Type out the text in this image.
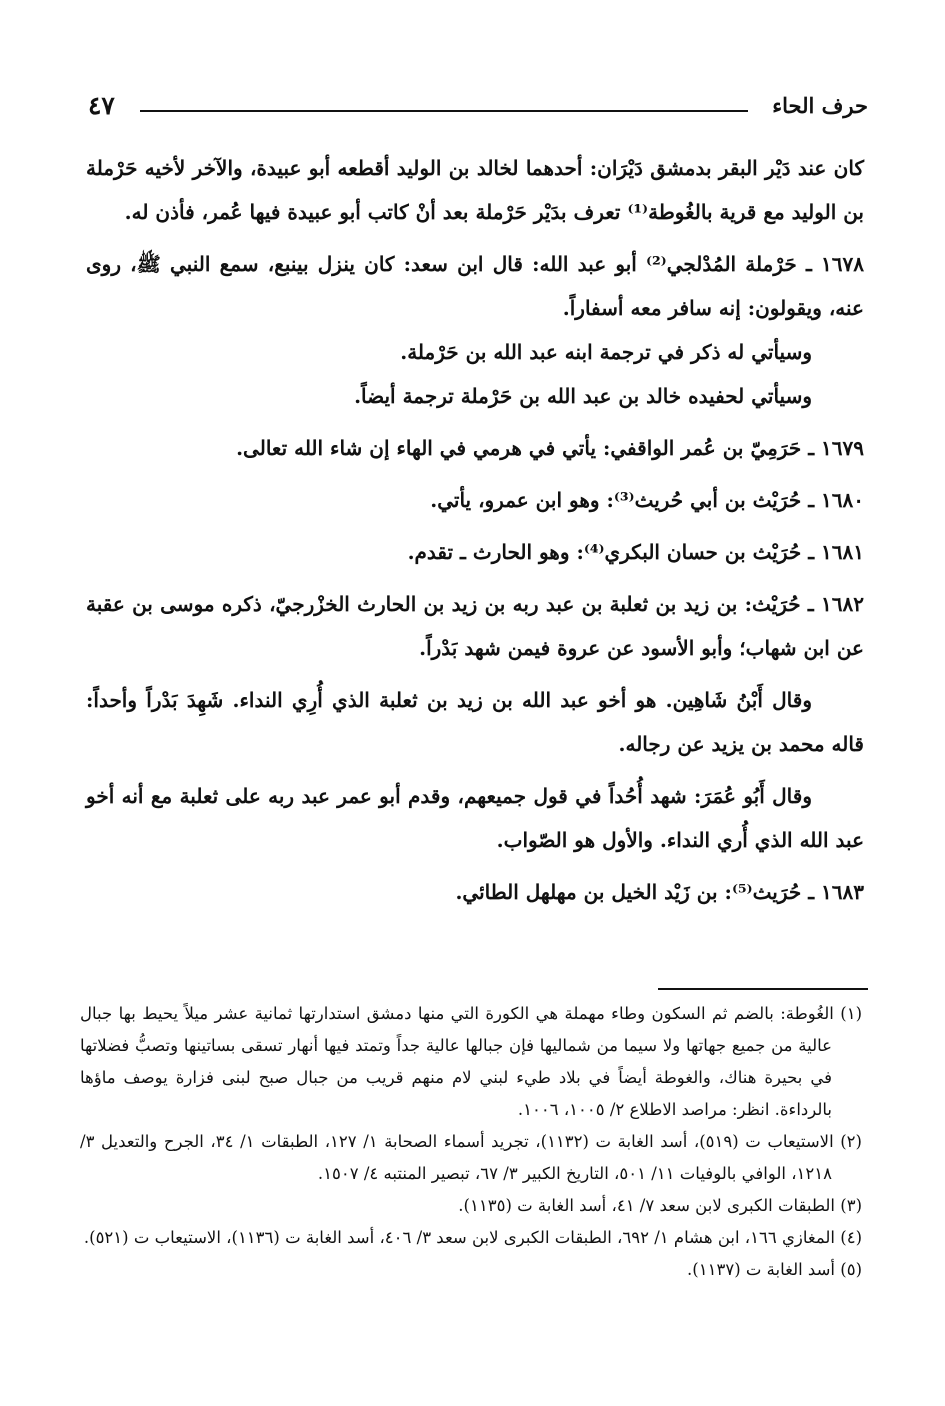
٤٧	حرف الحاء

كان عند دَيْر البقر بدمشق دَيْرَان: أحدهما لخالد بن الوليد أقطعه أبو عبيدة، والآخر لأخيه حَرْملة بن الوليد مع قرية بالغُوطة⁽¹⁾ تعرف بدَيْر حَرْملة بعد أنْ كاتب أبو عبيدة فيها عُمر، فأذن له.

١٦٧٨ ـ حَرْملة المُدْلجي⁽²⁾ أبو عبد الله: قال ابن سعد: كان ينزل بينبع، سمع النبي ﷺ، روى عنه، ويقولون: إنه سافر معه أسفاراً.

وسيأتي له ذكر في ترجمة ابنه عبد الله بن حَرْملة.

وسيأتي لحفيده خالد بن عبد الله بن حَرْملة ترجمة أيضاً.

١٦٧٩ ـ حَرَمِيّ بن عُمر الواقفي: يأتي في هرمي في الهاء إن شاء الله تعالى.

١٦٨٠ ـ حُرَيْث بن أبي حُريث⁽³⁾: وهو ابن عمرو، يأتي.

١٦٨١ ـ حُرَيْث بن حسان البكري⁽⁴⁾: وهو الحارث ـ تقدم.

١٦٨٢ ـ حُرَيْث: بن زيد بن ثعلبة بن عبد ربه بن زيد بن الحارث الخزْرجيّ، ذكره موسى بن عقبة عن ابن شهاب؛ وأبو الأسود عن عروة فيمن شهد بَدْراً.

وقال أَبْنُ شَاهِين. هو أخو عبد الله بن زيد بن ثعلبة الذي أُرِي النداء. شَهِدَ بَدْراً وأحداً: قاله محمد بن يزيد عن رجاله.

وقال أَبُو عُمَرَ: شهد أُحُداً في قول جميعهم، وقدم أبو عمر عبد ربه على ثعلبة مع أنه أخو عبد الله الذي أُري النداء. والأول هو الصّواب.

١٦٨٣ ـ حُرَيث⁽⁵⁾: بن زَيْد الخيل بن مهلهل الطائي.

(١) الغُوطة: بالضم ثم السكون وطاء مهملة هي الكورة التي منها دمشق استدارتها ثمانية عشر ميلاً يحيط بها جبال عالية من جميع جهاتها ولا سيما من شماليها فإن جبالها عالية جداً وتمتد فيها أنهار تسقى بساتينها وتصبُّ فضلاتها في بحيرة هناك، والغوطة أيضاً في بلاد طيء لبني لام منهم قريب من جبال صبح لبنى فزارة يوصف ماؤها بالرداءة. انظر: مراصد الاطلاع ٢/ ١٠٠٥، ١٠٠٦.

(٢) الاستيعاب ت (٥١٩)، أسد الغابة ت (١١٣٢)، تجريد أسماء الصحابة ١/ ١٢٧، الطبقات ١/ ٣٤، الجرح والتعديل ٣/ ١٢١٨، الوافي بالوفيات ١١/ ٥٠١، التاريخ الكبير ٣/ ٦٧، تبصير المنتبه ٤/ ١٥٠٧.

(٣) الطبقات الكبرى لابن سعد ٧/ ٤١، أسد الغابة ت (١١٣٥).

(٤) المغازي ١٦٦، ابن هشام ١/ ٦٩٢، الطبقات الكبرى لابن سعد ٣/ ٤٠٦، أسد الغابة ت (١١٣٦)، الاستيعاب ت (٥٢١).

(٥) أسد الغابة ت (١١٣٧).
